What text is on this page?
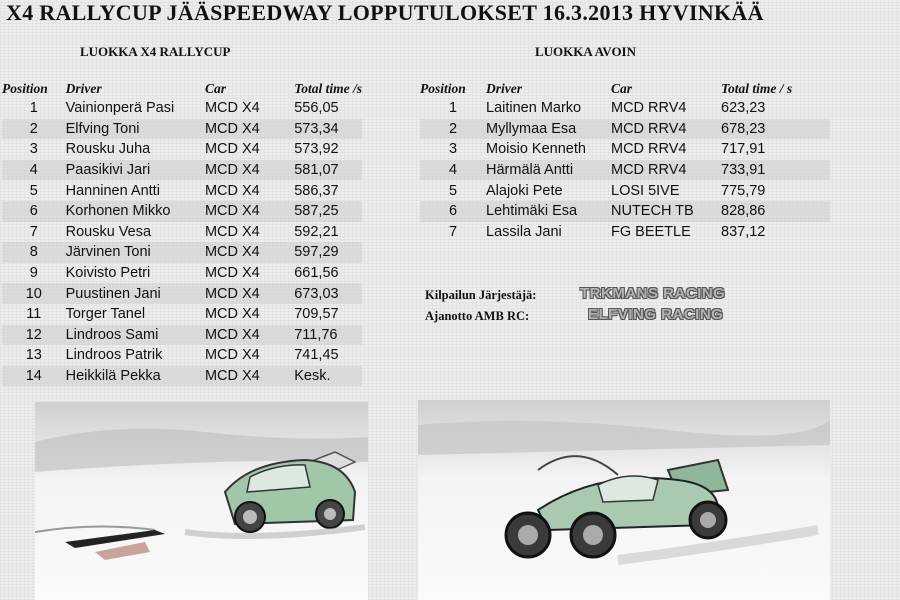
X4 RALLYCUP JÄÄSPEEDWAY LOPPUTULOKSET 16.3.2013 HYVINKÄÄ
LUOKKA X4 RALLYCUP	LUOKKA AVOIN
Position	Driver	Car	Total time /s
1	Vainionperä Pasi	MCD X4	556,05
2	Elfving Toni	MCD X4	573,34
3	Rousku Juha	MCD X4	573,92
4	Paasikivi Jari	MCD X4	581,07
5	Hanninen Antti	MCD X4	586,37
6	Korhonen Mikko	MCD X4	587,25
7	Rousku Vesa	MCD X4	592,21
8	Järvinen Toni	MCD X4	597,29
9	Koivisto Petri	MCD X4	661,56
10	Puustinen Jani	MCD X4	673,03
11	Torger Tanel	MCD X4	709,57
12	Lindroos Sami	MCD X4	711,76
13	Lindroos Patrik	MCD X4	741,45
14	Heikkilä Pekka	MCD X4	Kesk.
Position	Driver	Car	Total time / s
1	Laitinen Marko	MCD RRV4	623,23
2	Myllymaa Esa	MCD RRV4	678,23
3	Moisio Kenneth	MCD RRV4	717,91
4	Härmälä Antti	MCD RRV4	733,91
5	Alajoki Pete	LOSI 5IVE	775,79
6	Lehtimäki Esa	NUTECH TB	828,86
7	Lassila Jani	FG BEETLE	837,12
Kilpailun Järjestäjä:	TRKMANS RACING
Ajanotto AMB RC:	ELFVING RACING
